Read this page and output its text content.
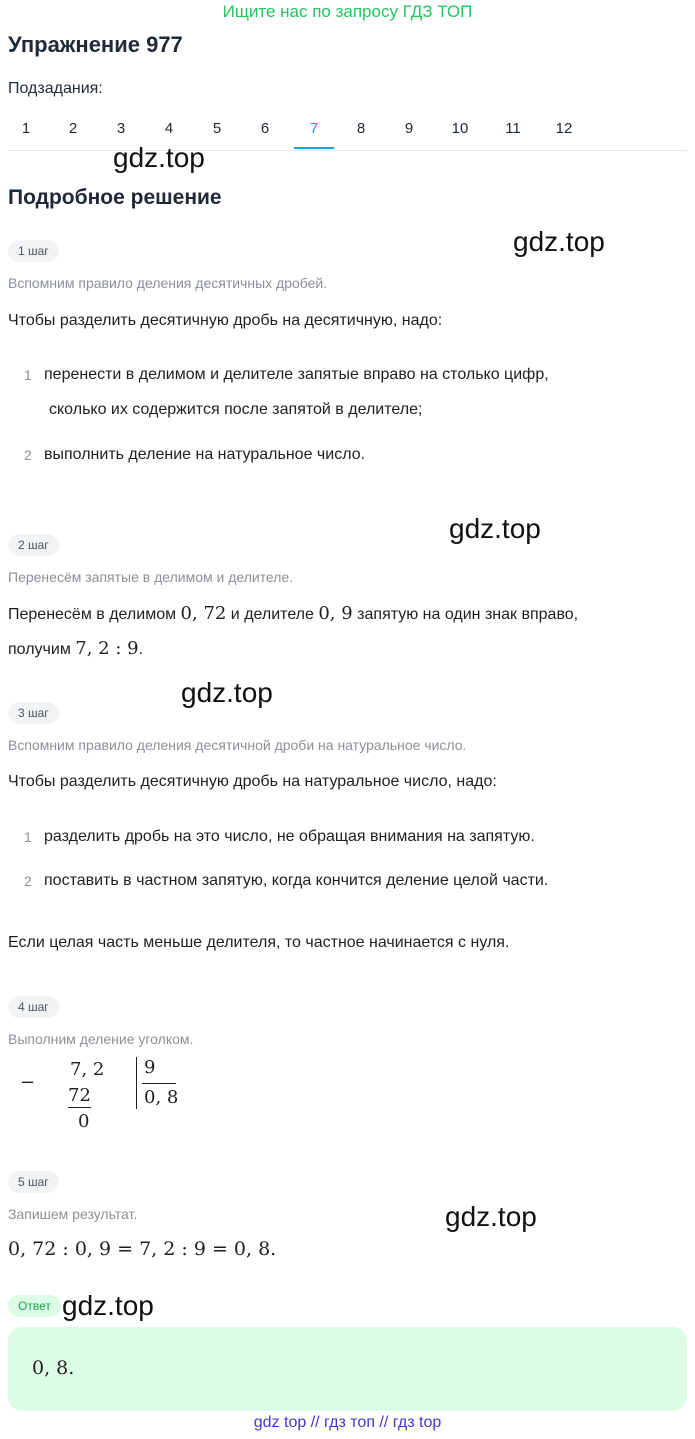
Ищите нас по запросу ГДЗ ТОП
Упражнение 977
Подзадания:
1	2	3	4	5	6	7	8	9	10	11	12
gdz.top
gdz.top
gdz.top
gdz.top
gdz.top
gdz.top
Подробное решение
1 шаг
Вспомним правило деления десятичных дробей.
Чтобы разделить десятичную дробь на десятичную, надо:
1 перенести в делимом и делителе запятые вправо на столько цифр,
сколько их содержится после запятой в делителе;
2 выполнить деление на натуральное число.
2 шаг
Перенесём запятые в делимом и делителе.
Перенесём в делимом 0, 72 и делителе 0, 9 запятую на один знак вправо,
получим 7, 2 : 9.
3 шаг
Вспомним правило деления десятичной дроби на натуральное число.
Чтобы разделить десятичную дробь на натуральное число, надо:
1 разделить дробь на это число, не обращая внимания на запятую.
2 поставить в частном запятую, когда кончится деление целой части.
Если целая часть меньше делителя, то частное начинается с нуля.
4 шаг
Выполним деление уголком.
−
7, 2
72
0
9
0, 8
5 шаг
Запишем результат.
0, 72 : 0, 9 = 7, 2 : 9 = 0, 8.
Ответ
0, 8.
gdz top // гдз топ // гдз top
